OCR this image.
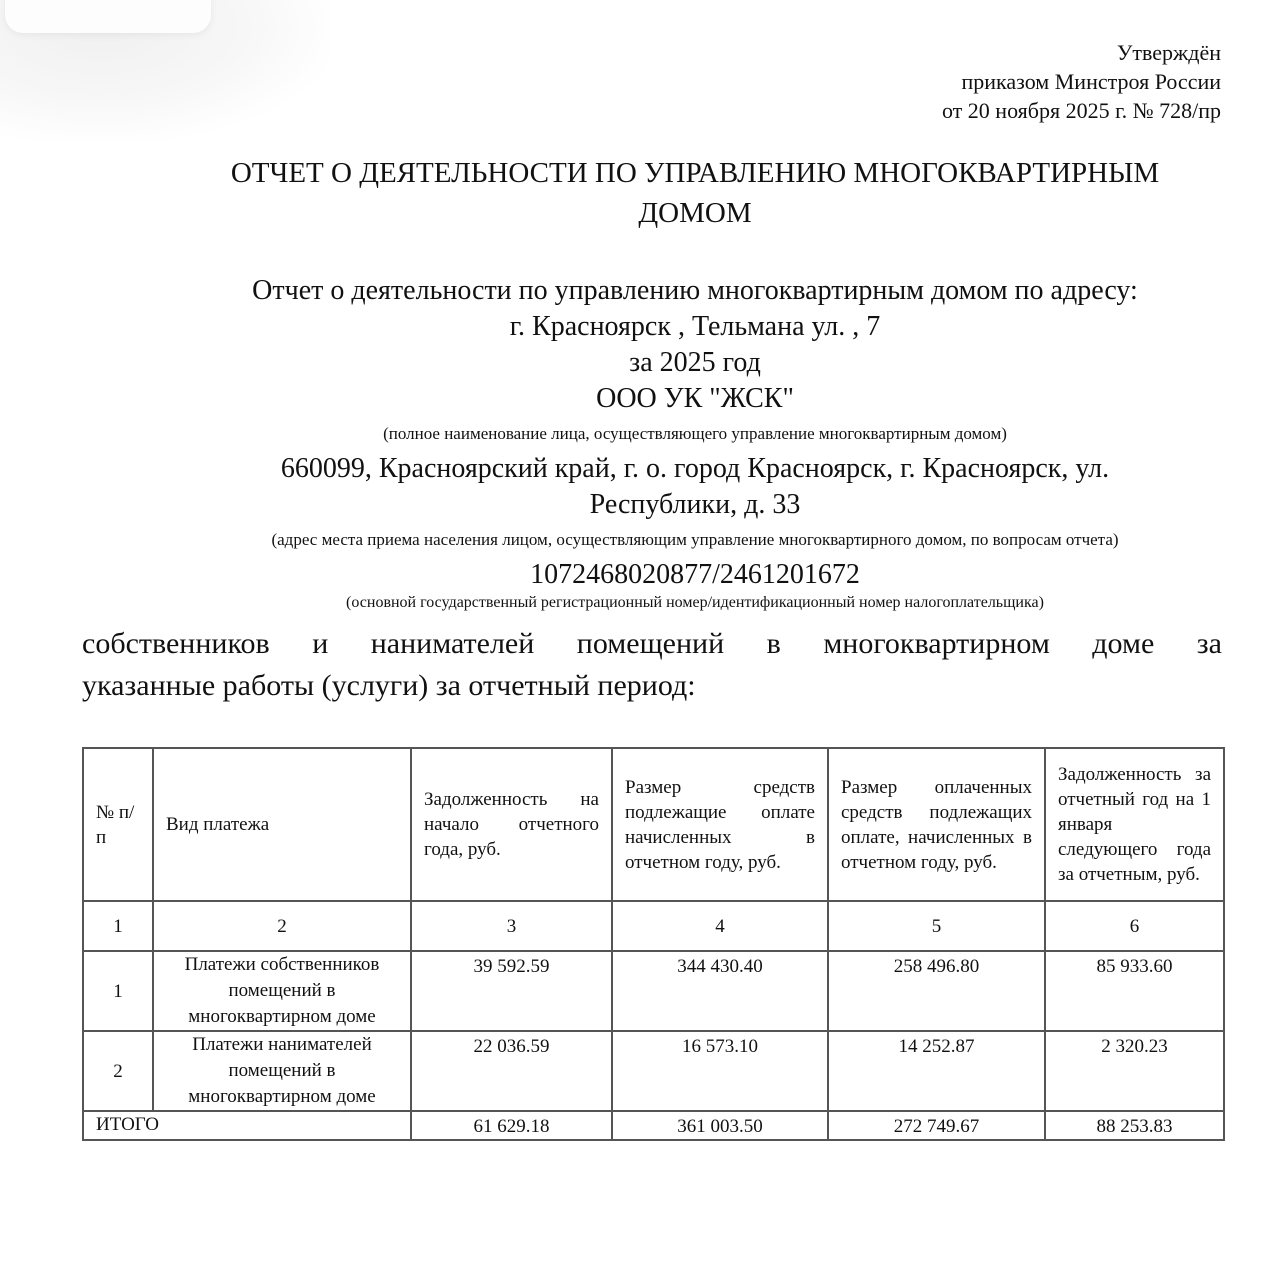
Утверждён
приказом Минстроя России
от 20 ноября 2025 г. № 728/пр
ОТЧЕТ О ДЕЯТЕЛЬНОСТИ ПО УПРАВЛЕНИЮ МНОГОКВАРТИРНЫМ
ДОМОМ
Отчет о деятельности по управлению многоквартирным домом по адресу:
г. Красноярск , Тельмана ул. , 7
за 2025 год
ООО УК "ЖСК"
(полное наименование лица, осуществляющего управление многоквартирным домом)
660099, Красноярский край, г. о. город Красноярск, г. Красноярск, ул.
Республики, д. 33
(адрес места приема населения лицом, осуществляющим управление многоквартирного домом, по вопросам отчета)
1072468020877/2461201672
(основной государственный регистрационный номер/идентификационный номер налогоплательщика)
собственников и нанимателей помещений в многоквартирном доме за
указанные работы (услуги) за отчетный период:
№ п/п	Вид платежа	Задолженность на начало отчетного года, руб.	Размер средств подлежащие оплате начисленных в отчетном году, руб.	Размер оплаченных средств подлежащих оплате, начисленных в отчетном году, руб.	Задолженность за отчетный год на 1 января следующего года за отчетным, руб.
1	2	3	4	5	6
1	Платежи собственников помещений в многоквартирном доме	39 592.59	344 430.40	258 496.80	85 933.60
2	Платежи нанимателей помещений в многоквартирном доме	22 036.59	16 573.10	14 252.87	2 320.23
ИТОГО		61 629.18	361 003.50	272 749.67	88 253.83
